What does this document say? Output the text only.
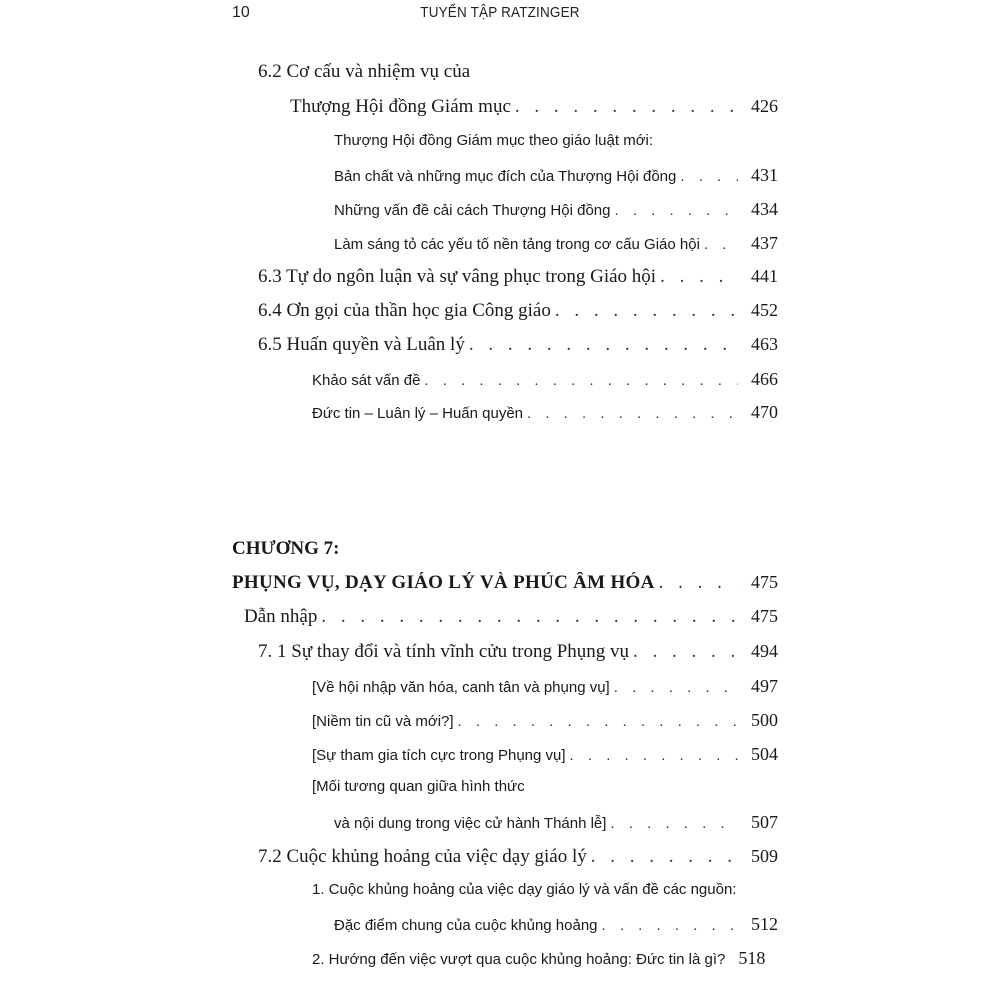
10	TUYỂN TẬP RATZINGER
6.2 Cơ cấu và nhiệm vụ của
Thượng Hội đồng Giám mục . . .	426
Thượng Hội đồng Giám mục theo giáo luật mới:
Bản chất và những mục đích của Thượng Hội đồng . . .	431
Những vấn đề cải cách Thượng Hội đồng . . .	434
Làm sáng tỏ các yếu tố nền tảng trong cơ cấu Giáo hội . . .	437
6.3 Tự do ngôn luận và sự vâng phục trong Giáo hội . . .	441
6.4 Ơn gọi của thần học gia Công giáo . . .	452
6.5 Huấn quyền và Luân lý . . .	463
Khảo sát vấn đề . . .	466
Đức tin – Luân lý – Huấn quyền . . .	470
CHƯƠNG 7:
PHỤNG VỤ, DẠY GIÁO LÝ VÀ PHÚC ÂM HÓA . . .	475
Dẫn nhập . . .	475
7. 1 Sự thay đổi và tính vĩnh cửu trong Phụng vụ . . .	494
[Về hội nhập văn hóa, canh tân và phụng vụ] . . .	497
[Niềm tin cũ và mới?] . . .	500
[Sự tham gia tích cực trong Phụng vụ] . . .	504
[Mối tương quan giữa hình thức
và nội dung trong việc cử hành Thánh lễ] . . .	507
7.2 Cuộc khủng hoảng của việc dạy giáo lý . . .	509
1. Cuộc khủng hoảng của việc dạy giáo lý và vấn đề các nguồn:
Đặc điểm chung của cuộc khủng hoảng . . .	512
2. Hướng đến việc vượt qua cuộc khủng hoảng: Đức tin là gì? 518
